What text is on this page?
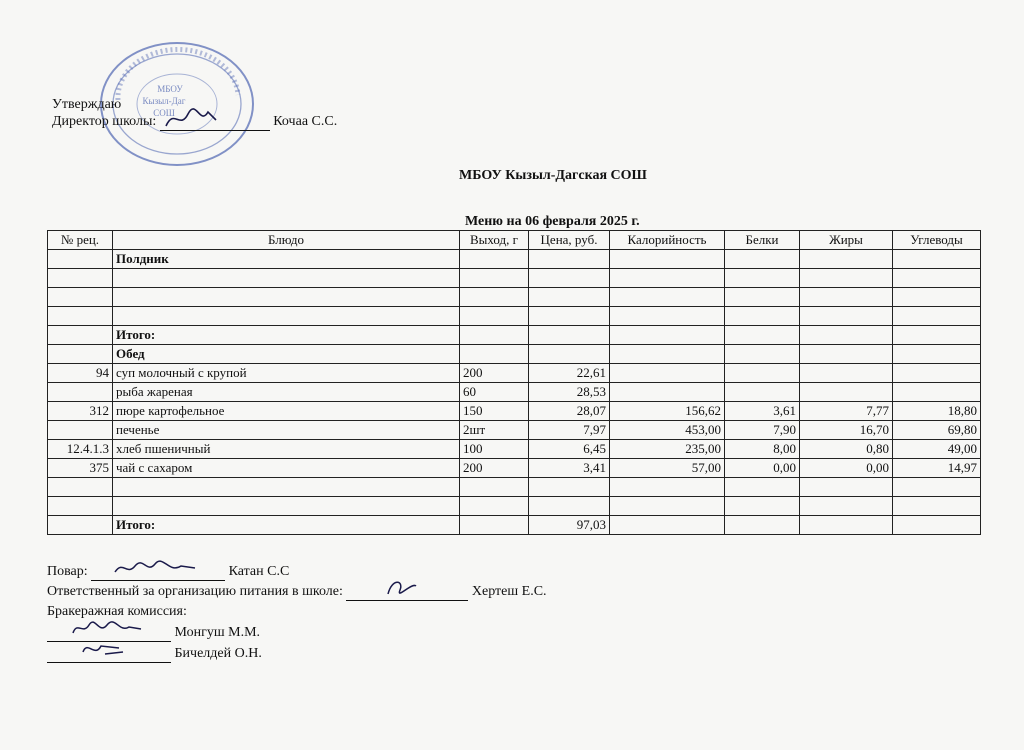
МБОУ
Кызыл-Даг
СОШ
Утверждаю
Директор школы:	Кочаа С.С.
МБОУ Кызыл-Дагская СОШ
Меню на 06 февраля 2025 г.
№ рец.	Блюдо	Выход, г	Цена, руб.	Калорийность	Белки	Жиры	Углеводы
	Полдник						

	Итого:						
	Обед						
94	суп молочный с крупой	200	22,61				
	рыба жареная	60	28,53				
312	пюре картофельное	150	28,07	156,62	3,61	7,77	18,80
	печенье	2шт	7,97	453,00	7,90	16,70	69,80
12.4.1.3	хлеб пшеничный	100	6,45	235,00	8,00	0,80	49,00
375	чай с сахаром	200	3,41	57,00	0,00	0,00	14,97

	Итого:		97,03				
Повар:	Катан С.С
Ответственный за организацию питания в школе:	Хертеш Е.С.
Бракеражная комиссия:
Монгуш М.М.
Бичелдей О.Н.
